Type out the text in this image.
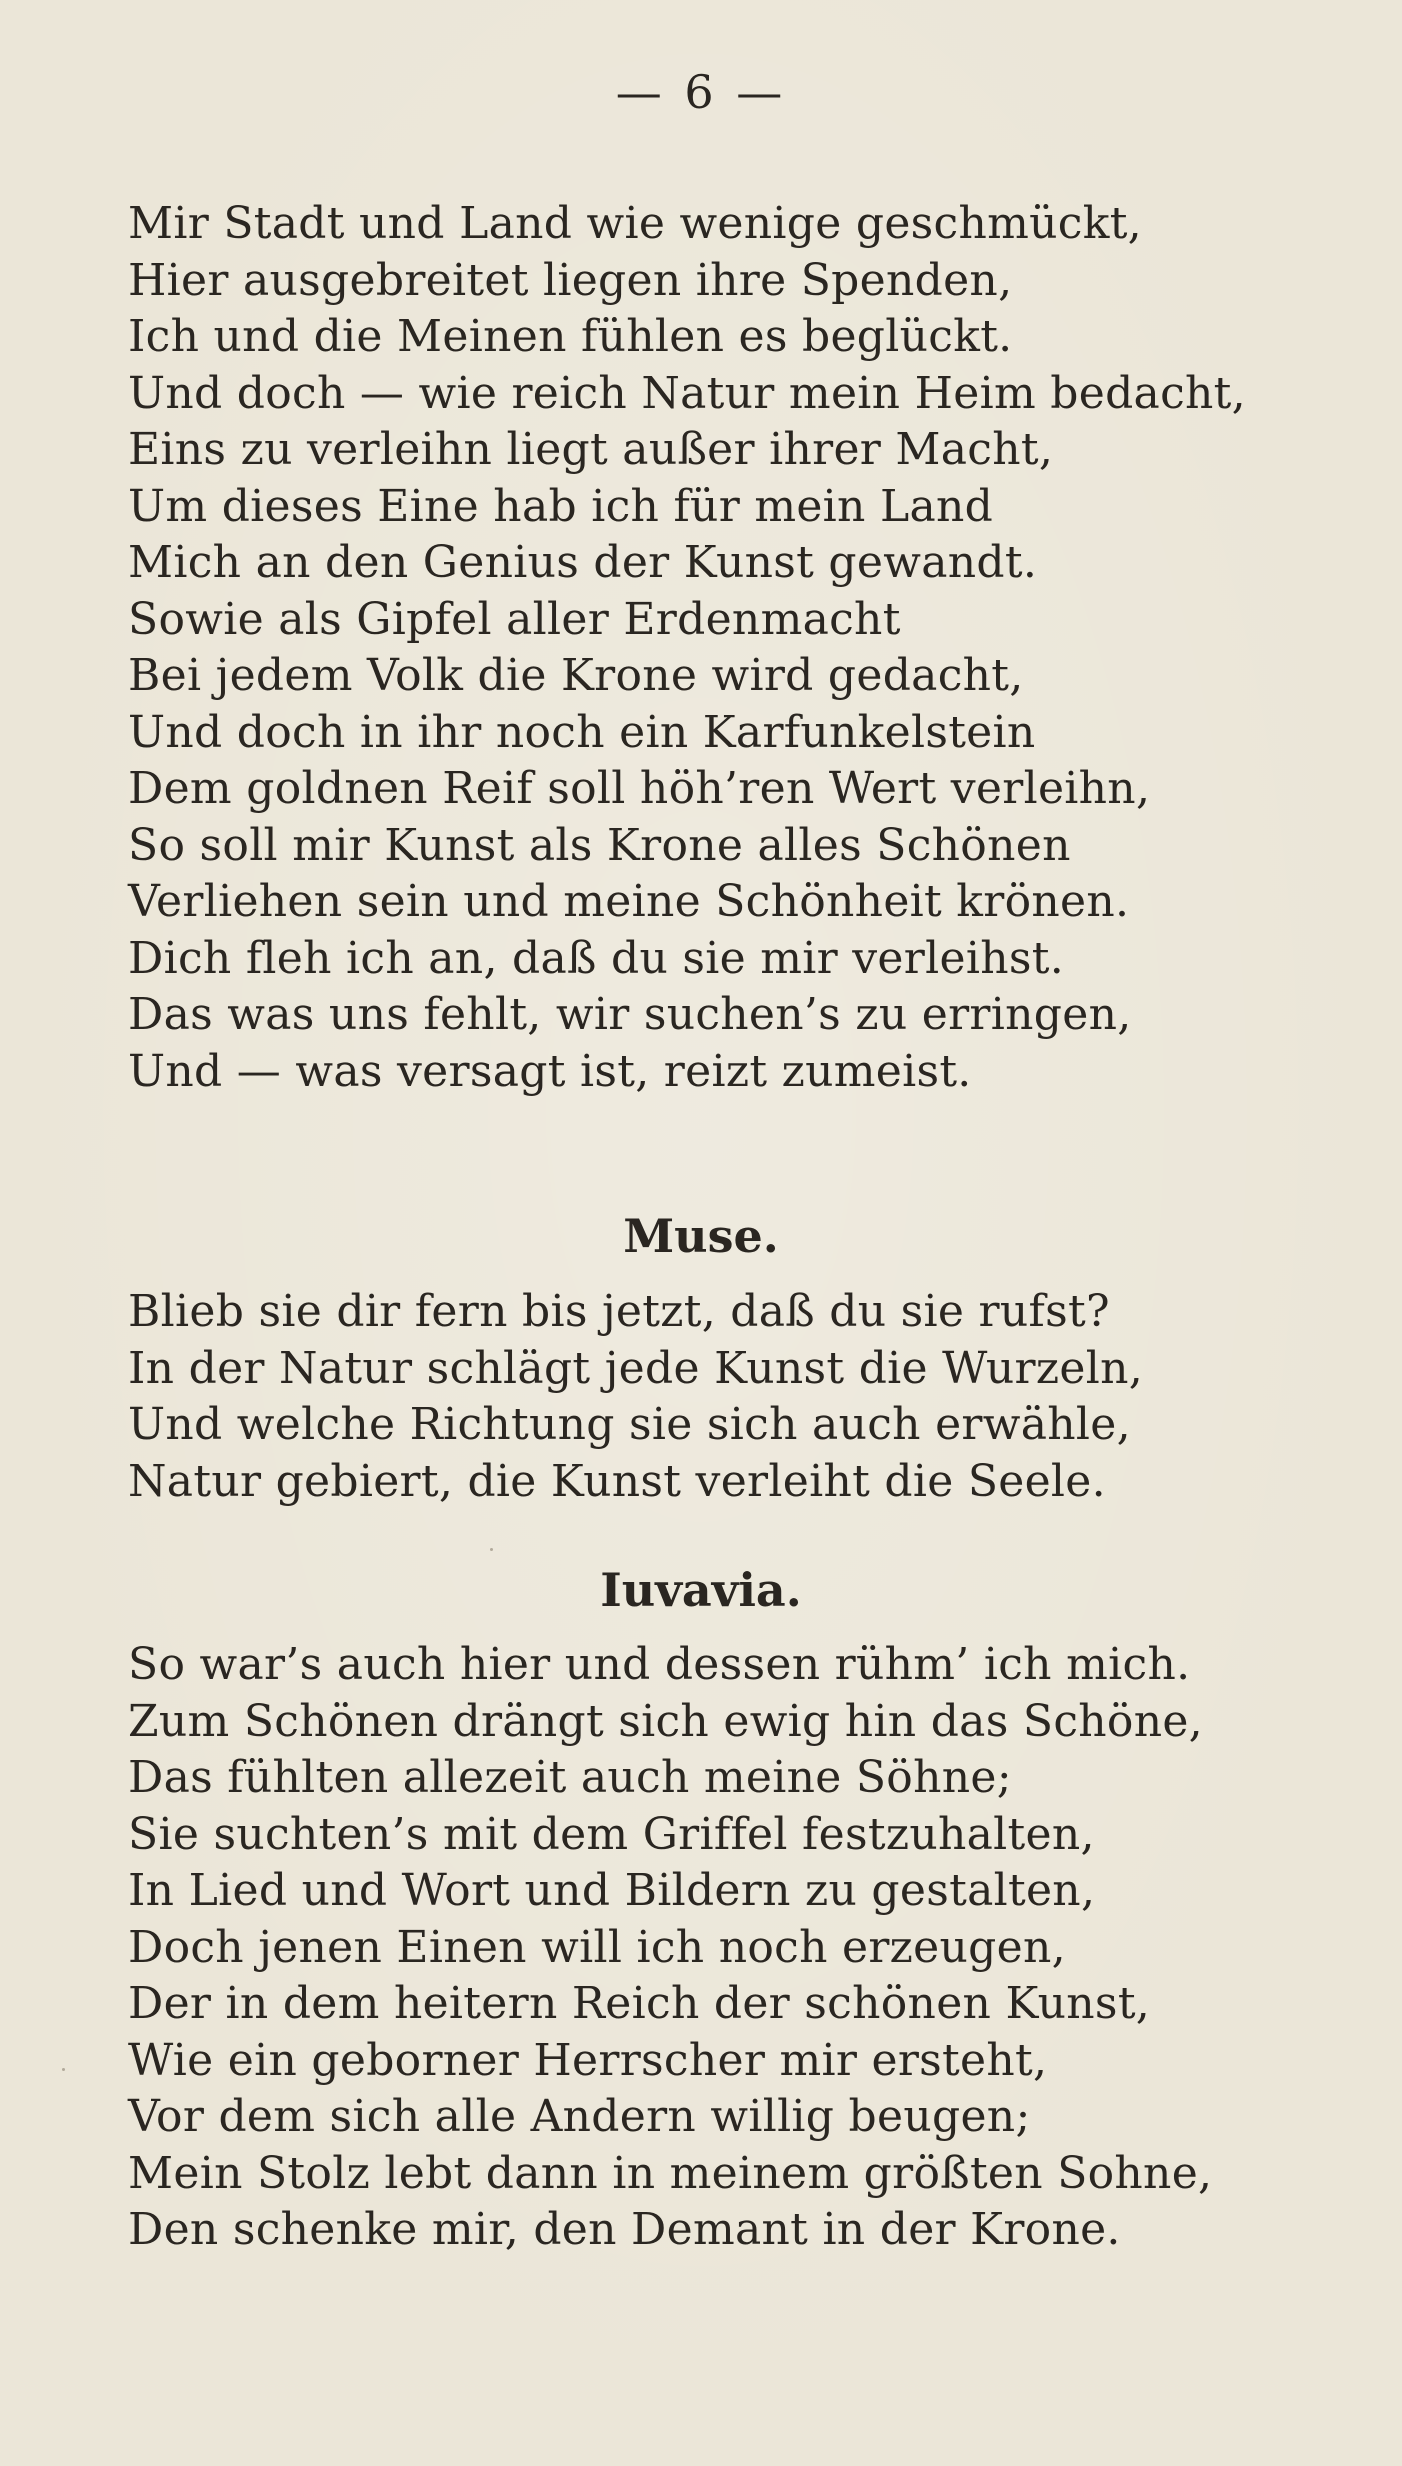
— 6 —
Mir Stadt und Land wie wenige geschmückt,
Hier ausgebreitet liegen ihre Spenden,
Ich und die Meinen fühlen es beglückt.
Und doch — wie reich Natur mein Heim bedacht,
Eins zu verleihn liegt außer ihrer Macht,
Um dieses Eine hab ich für mein Land
Mich an den Genius der Kunst gewandt.
Sowie als Gipfel aller Erdenmacht
Bei jedem Volk die Krone wird gedacht,
Und doch in ihr noch ein Karfunkelstein
Dem goldnen Reif soll höh’ren Wert verleihn,
So soll mir Kunst als Krone alles Schönen
Verliehen sein und meine Schönheit krönen.
Dich fleh ich an, daß du sie mir verleihst.
Das was uns fehlt, wir suchen’s zu erringen,
Und — was versagt ist, reizt zumeist.
Muse.
Blieb sie dir fern bis jetzt, daß du sie rufst?
In der Natur schlägt jede Kunst die Wurzeln,
Und welche Richtung sie sich auch erwähle,
Natur gebiert, die Kunst verleiht die Seele.
Iuvavia.
So war’s auch hier und dessen rühm’ ich mich.
Zum Schönen drängt sich ewig hin das Schöne,
Das fühlten allezeit auch meine Söhne;
Sie suchten’s mit dem Griffel festzuhalten,
In Lied und Wort und Bildern zu gestalten,
Doch jenen Einen will ich noch erzeugen,
Der in dem heitern Reich der schönen Kunst,
Wie ein geborner Herrscher mir ersteht,
Vor dem sich alle Andern willig beugen;
Mein Stolz lebt dann in meinem größten Sohne,
Den schenke mir, den Demant in der Krone.
